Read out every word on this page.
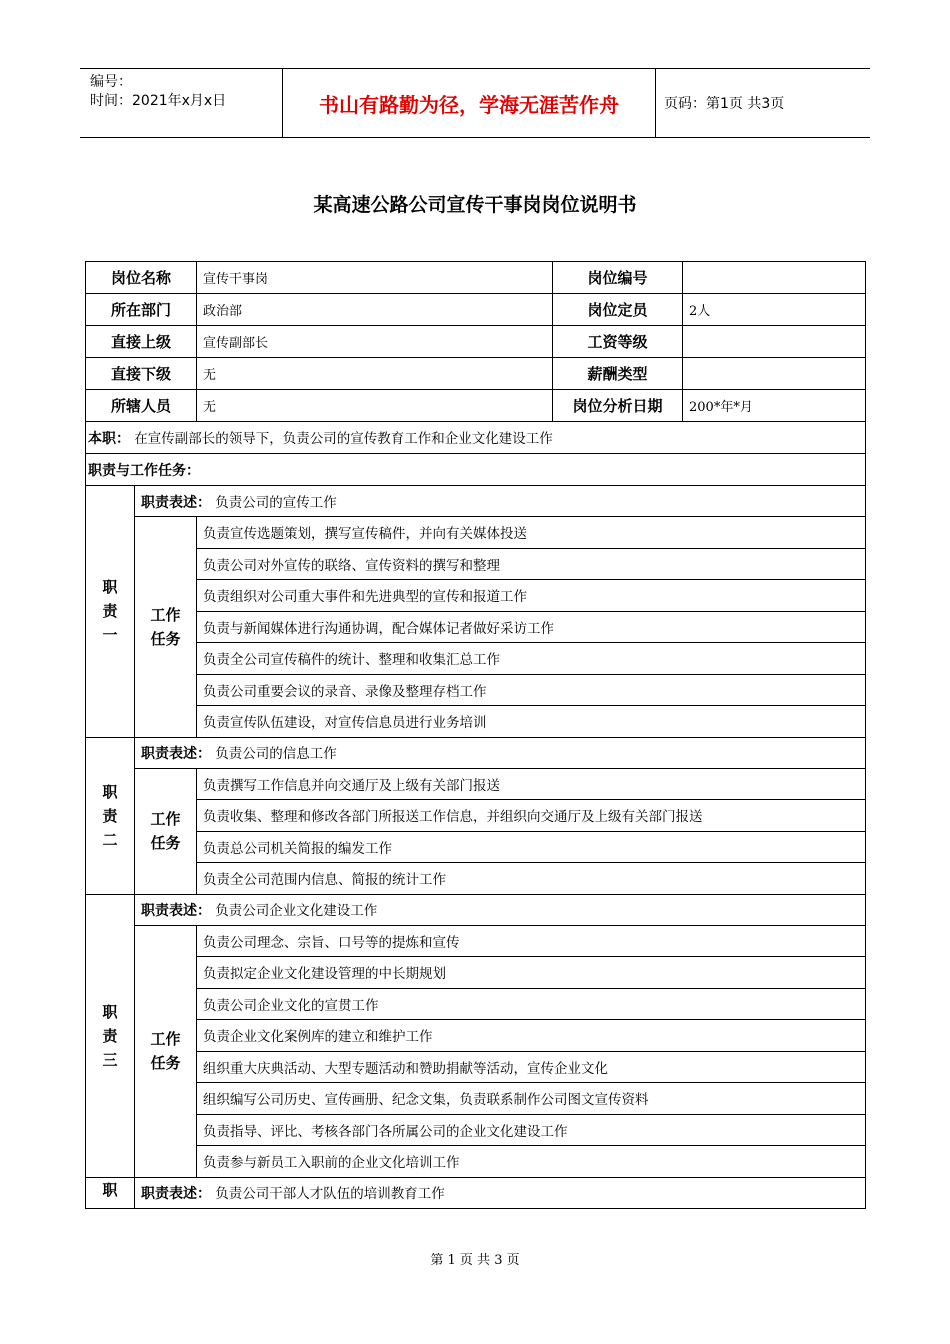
编号：
时间：2021年x月x日	书山有路勤为径，学海无涯苦作舟	页码：第1页 共3页
某高速公路公司宣传干事岗岗位说明书
岗位名称		宣传干事岗	岗位编号	
所在部门		政治部	岗位定员	2人
直接上级		宣传副部长	工资等级	
直接下级		无	薪酬类型	
所辖人员		无	岗位分析日期	200*年*月
本职： 在宣传副部长的领导下，负责公司的宣传教育工作和企业文化建设工作				
职责与工作任务：				
职
责
一	职责表述： 负责公司的宣传工作			
	工作
任务	负责宣传选题策划，撰写宣传稿件，并向有关媒体投送		
		负责公司对外宣传的联络、宣传资料的撰写和整理		
		负责组织对公司重大事件和先进典型的宣传和报道工作		
		负责与新闻媒体进行沟通协调，配合媒体记者做好采访工作		
		负责全公司宣传稿件的统计、整理和收集汇总工作		
		负责公司重要会议的录音、录像及整理存档工作		
		负责宣传队伍建设，对宣传信息员进行业务培训		
职
责
二	职责表述： 负责公司的信息工作			
	工作
任务	负责撰写工作信息并向交通厅及上级有关部门报送		
		负责收集、整理和修改各部门所报送工作信息，并组织向交通厅及上级有关部门报送		
		负责总公司机关简报的编发工作		
		负责全公司范围内信息、简报的统计工作		
职
责
三	职责表述： 负责公司企业文化建设工作			
	工作
任务	负责公司理念、宗旨、口号等的提炼和宣传		
		负责拟定企业文化建设管理的中长期规划		
		负责公司企业文化的宣贯工作		
		负责企业文化案例库的建立和维护工作		
		组织重大庆典活动、大型专题活动和赞助捐献等活动，宣传企业文化		
		组织编写公司历史、宣传画册、纪念文集，负责联系制作公司图文宣传资料		
		负责指导、评比、考核各部门各所属公司的企业文化建设工作		
		负责参与新员工入职前的企业文化培训工作		
职	职责表述： 负责公司干部人才队伍的培训教育工作			
第 1 页 共 3 页
